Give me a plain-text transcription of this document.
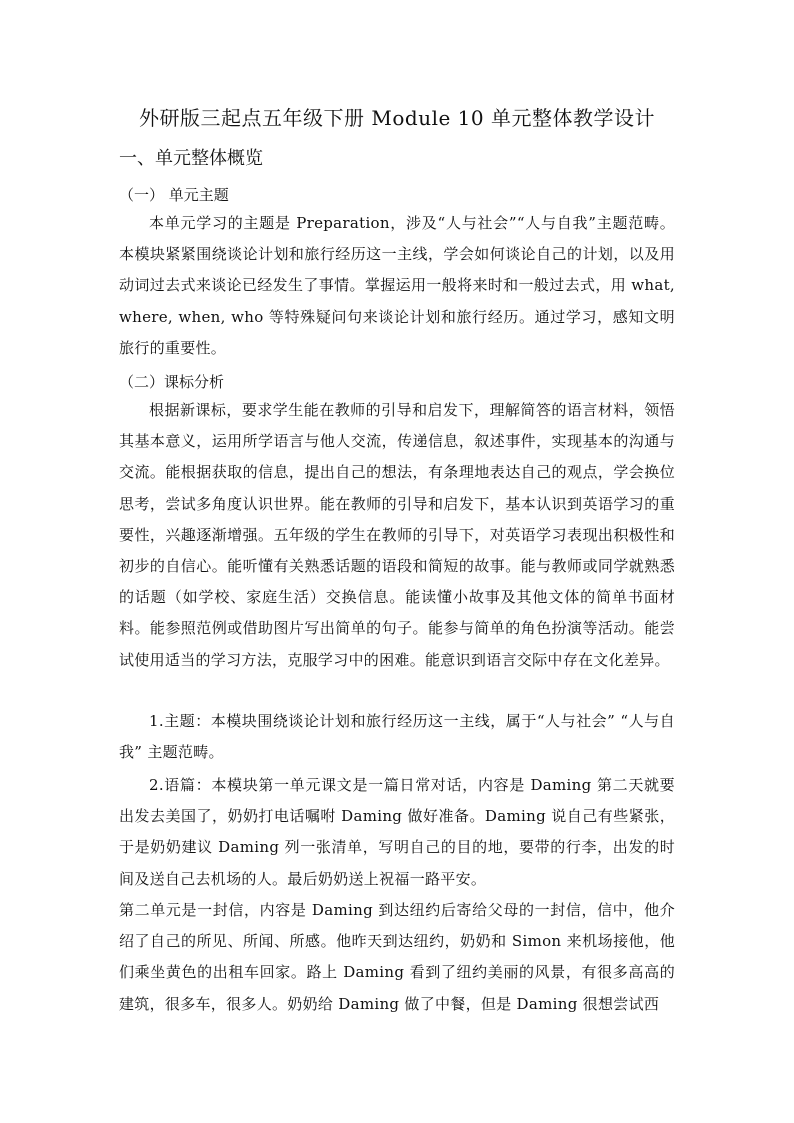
外研版三起点五年级下册 Module 10 单元整体教学设计
一、单元整体概览
（一） 单元主题
本单元学习的主题是 Preparation，涉及“人与社会”“人与自我”主题范畴。本模块紧紧围绕谈论计划和旅行经历这一主线，学会如何谈论自己的计划，以及用动词过去式来谈论已经发生了事情。掌握运用一般将来时和一般过去式，用 what, where, when, who 等特殊疑问句来谈论计划和旅行经历。通过学习，感知文明旅行的重要性。
（二）课标分析
根据新课标，要求学生能在教师的引导和启发下，理解简答的语言材料，领悟其基本意义，运用所学语言与他人交流，传递信息，叙述事件，实现基本的沟通与交流。能根据获取的信息，提出自己的想法，有条理地表达自己的观点，学会换位思考，尝试多角度认识世界。能在教师的引导和启发下，基本认识到英语学习的重要性，兴趣逐渐增强。五年级的学生在教师的引导下，对英语学习表现出积极性和初步的自信心。能听懂有关熟悉话题的语段和简短的故事。能与教师或同学就熟悉的话题（如学校、家庭生活）交换信息。能读懂小故事及其他文体的简单书面材料。能参照范例或借助图片写出简单的句子。能参与简单的角色扮演等活动。能尝试使用适当的学习方法，克服学习中的困难。能意识到语言交际中存在文化差异。
1.主题：本模块围绕谈论计划和旅行经历这一主线，属于“人与社会” “人与自我” 主题范畴。
2.语篇：本模块第一单元课文是一篇日常对话，内容是 Daming 第二天就要出发去美国了，奶奶打电话嘱咐 Daming 做好准备。Daming 说自己有些紧张，于是奶奶建议 Daming 列一张清单，写明自己的目的地，要带的行李，出发的时间及送自己去机场的人。最后奶奶送上祝福一路平安。
第二单元是一封信，内容是 Daming 到达纽约后寄给父母的一封信，信中，他介绍了自己的所见、所闻、所感。他昨天到达纽约，奶奶和 Simon 来机场接他，他们乘坐黄色的出租车回家。路上 Daming 看到了纽约美丽的风景，有很多高高的建筑，很多车，很多人。奶奶给 Daming 做了中餐，但是 Daming 很想尝试西
